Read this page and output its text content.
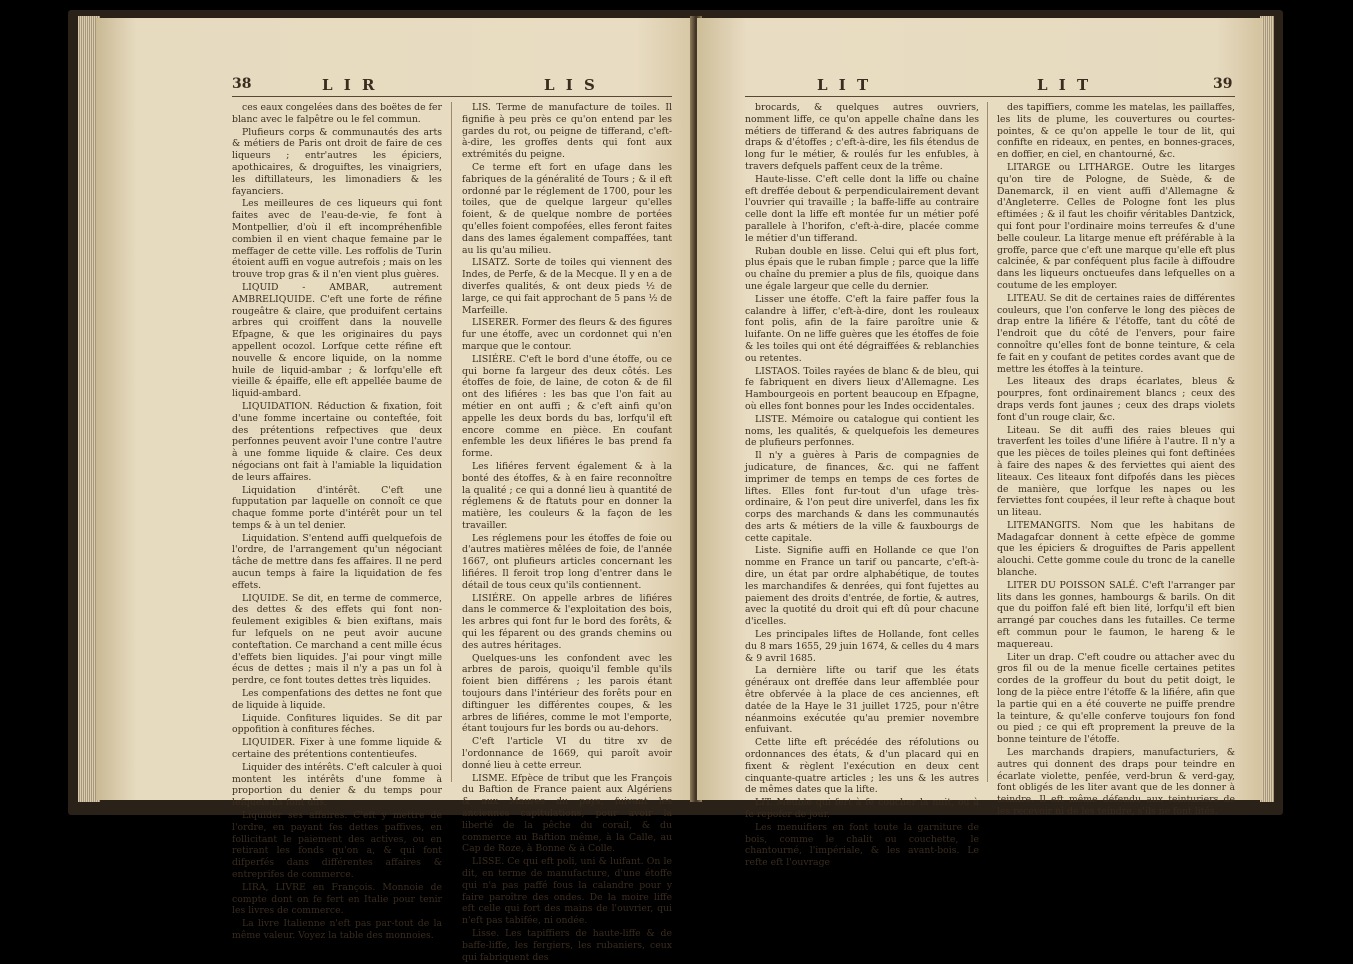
38	L I R	L I S

ces eaux congelées dans des boëtes de fer blanc avec le falpêtre ou le fel commun.

Plufieurs corps & communautés des arts & métiers de Paris ont droit de faire de ces liqueurs ; entr'autres les épiciers, apothicaires, & droguiftes, les vinaigriers, les diftillateurs, les limonadiers & les fayanciers.

Les meilleures de ces liqueurs qui font faites avec de l'eau-de-vie, fe font à Montpellier, d'où il eft incompréhenfible combien il en vient chaque femaine par le meffager de cette ville. Les roffolis de Turin étoient auffi en vogue autrefois ; mais on les trouve trop gras & il n'en vient plus guères.

LIQUID - AMBAR, autrement AMBRELIQUIDE. C'eft une forte de réfine rougeâtre & claire, que produifent certains arbres qui croiffent dans la nouvelle Efpagne, & que les originaires du pays appellent ocozol. Lorfque cette réfine eft nouvelle & encore liquide, on la nomme huile de liquid-ambar ; & lorfqu'elle eft vieille & épaiffe, elle eft appellée baume de liquid-ambard.

LIQUIDATION. Réduction & fixation, foit d'une fomme incertaine ou conteftée, foit des prétentions refpectives que deux perfonnes peuvent avoir l'une contre l'autre à une fomme liquide & claire. Ces deux négocians ont fait à l'amiable la liquidation de leurs affaires.

Liquidation d'intérêt. C'eft une fupputation par laquelle on connoît ce que chaque fomme porte d'intérêt pour un tel temps & à un tel denier.

Liquidation. S'entend auffi quelquefois de l'ordre, de l'arrangement qu'un négociant tâche de mettre dans fes affaires. Il ne perd aucun temps à faire la liquidation de fes effets.

LIQUIDE. Se dit, en terme de commerce, des dettes & des effets qui font non-feulement exigibles & bien exiftans, mais fur lefquels on ne peut avoir aucune conteftation. Ce marchand a cent mille écus d'effets bien liquides. J'ai pour vingt mille écus de dettes ; mais il n'y a pas un fol à perdre, ce font toutes dettes très liquides.

Les compenfations des dettes ne font que de liquide à liquide.

Liquide. Confitures liquides. Se dit par oppofition à confitures féches.

LIQUIDER. Fixer à une fomme liquide & certaine des prétentions contentieufes.

Liquider des intérêts. C'eft calculer à quoi montent les intérêts d'une fomme à proportion du denier & du temps pour lefquels ils font dûs.

Liquider ses affaires. C'eft y mettre de l'ordre, en payant fes dettes paffives, en follicitant le paiement des actives, ou en retirant les fonds qu'on a, & qui font difperfés dans différentes affaires & entreprifes de commerce.

LIRA, LIVRE en François. Monnoie de compte dont on fe fert en Italie pour tenir les livres de commerce.

La livre Italienne n'eft pas par-tout de la même valeur. Voyez la table des monnoies.

LIS. Terme de manufacture de toiles. Il fignifie à peu près ce qu'on entend par les gardes du rot, ou peigne de tifferand, c'eft-à-dire, les groffes dents qui font aux extrémités du peigne.

Ce terme eft fort en ufage dans les fabriques de la généralité de Tours ; & il eft ordonné par le réglement de 1700, pour les toiles, que de quelque largeur qu'elles foient, & de quelque nombre de portées qu'elles foient compofées, elles feront faites dans des lames également compaffées, tant au lis qu'au milieu.

LISATZ. Sorte de toiles qui viennent des Indes, de Perfe, & de la Mecque. Il y en a de diverfes qualités, & ont deux pieds ½ de large, ce qui fait approchant de 5 pans ½ de Marfeille.

LISERER. Former des fleurs & des figures fur une étoffe, avec un cordonnet qui n'en marque que le contour.

LISIÉRE. C'eft le bord d'une étoffe, ou ce qui borne fa largeur des deux côtés. Les étoffes de foie, de laine, de coton & de fil ont des lifiéres : les bas que l'on fait au métier en ont auffi ; & c'eft ainfi qu'on appelle les deux bords du bas, lorfqu'il eft encore comme en pièce. En coufant enfemble les deux lifiéres le bas prend fa forme.

Les lifiéres fervent également & à la bonté des étoffes, & à en faire reconnoître la qualité ; ce qui a donné lieu à quantité de réglemens & de ftatuts pour en donner la matière, les couleurs & la façon de les travailler.

Les réglemens pour les étoffes de foie ou d'autres matières mêlées de foie, de l'année 1667, ont plufieurs articles concernant les lifiéres. Il feroit trop long d'entrer dans le détail de tous ceux qu'ils contiennent.

LISIÉRE. On appelle arbres de lifiéres dans le commerce & l'exploitation des bois, les arbres qui font fur le bord des forêts, & qui les féparent ou des grands chemins ou des autres héritages.

Quelques-uns les confondent avec les arbres de parois, quoiqu'il femble qu'ils foient bien différens ; les parois étant toujours dans l'intérieur des forêts pour en diftinguer les différentes coupes, & les arbres de lifiéres, comme le mot l'emporte, étant toujours fur les bords ou au-dehors.

C'eft l'article VI du titre xv de l'ordonnance de 1669, qui paroît avoir donné lieu à cette erreur.

LISME. Efpèce de tribut que les François du Baftion de France paient aux Algériens & aux Maures du pays, fuivant les anciennes capitulations, pour avoir la liberté de la pêche du corail, & du commerce au Baftion même, à la Calle, au Cap de Roze, à Bonne & à Colle.

LISSE. Ce qui eft poli, uni & luifant. On le dit, en terme de manufacture, d'une étoffe qui n'a pas paffé fous la calandre pour y faire paroître des ondes. De la moire liffe eft celle qui fort des mains de l'ouvrier, qui n'eft pas tabifée, ni ondée.

Lisse. Les tapiffiers de haute-liffe & de baffe-liffe, les fergiers, les rubaniers, ceux qui fabriquent des

L I T	L I T	39

brocards, & quelques autres ouvriers, nomment liffe, ce qu'on appelle chaîne dans les métiers de tifferand & des autres fabriquans de draps & d'étoffes ; c'eft-à-dire, les fils étendus de long fur le métier, & roulés fur les enfubles, à travers defquels paffent ceux de la trême.

Haute-lisse. C'eft celle dont la liffe ou chaîne eft dreffée debout & perpendiculairement devant l'ouvrier qui travaille ; la baffe-liffe au contraire celle dont la liffe eft montée fur un métier pofé parallele à l'horifon, c'eft-à-dire, placée comme le métier d'un tifferand.

Ruban double en lisse. Celui qui eft plus fort, plus épais que le ruban fimple ; parce que la liffe ou chaîne du premier a plus de fils, quoique dans une égale largeur que celle du dernier.

Lisser une étoffe. C'eft la faire paffer fous la calandre à liffer, c'eft-à-dire, dont les rouleaux font polis, afin de la faire paroître unie & luifante. On ne liffe guères que les étoffes de foie & les toiles qui ont été dégraiffées & reblanchies ou retentes.

LISTAOS. Toiles rayées de blanc & de bleu, qui fe fabriquent en divers lieux d'Allemagne. Les Hambourgeois en portent beaucoup en Efpagne, où elles font bonnes pour les Indes occidentales.

LISTE. Mémoire ou catalogue qui contient les noms, les qualités, & quelquefois les demeures de plufieurs perfonnes.

Il n'y a guères à Paris de compagnies de judicature, de finances, &c. qui ne faffent imprimer de temps en temps de ces fortes de liftes. Elles font fur-tout d'un ufage très-ordinaire, & l'on peut dire univerfel, dans les fix corps des marchands & dans les communautés des arts & métiers de la ville & fauxbourgs de cette capitale.

Liste. Signifie auffi en Hollande ce que l'on nomme en France un tarif ou pancarte, c'eft-à-dire, un état par ordre alphabétique, de toutes les marchandifes & denrées, qui font fujettes au paiement des droits d'entrée, de fortie, & autres, avec la quotité du droit qui eft dû pour chacune d'icelles.

Les principales liftes de Hollande, font celles du 8 mars 1655, 29 juin 1674, & celles du 4 mars & 9 avril 1685.

La dernière lifte ou tarif que les états généraux ont dreffée dans leur affemblée pour être obfervée à la place de ces anciennes, eft datée de la Haye le 31 juillet 1725, pour n'être néanmoins exécutée qu'au premier novembre enfuivant.

Cette lifte eft précédée des réfolutions ou ordonnances des états, & d'un placard qui en fixent & règlent l'exécution en deux cent cinquante-quatre articles ; les uns & les autres de mêmes dates que la lifte.

LIT. Meuble qui fert à fe coucher la nuit, ou à fe repofer de jour.

Les menuifiers en font toute la garniture de bois, comme le chalit ou couchette, le chantourné, l'impériale, & les avant-bois. Le refte eft l'ouvrage

des tapiffiers, comme les matelas, les paillaffes, les lits de plume, les couvertures ou courtes-pointes, & ce qu'on appelle le tour de lit, qui confifte en rideaux, en pentes, en bonnes-graces, en doffier, en ciel, en chantourné, &c.

LITARGE ou LITHARGE. Outre les litarges qu'on tire de Pologne, de Suède, & de Danemarck, il en vient auffi d'Allemagne & d'Angleterre. Celles de Pologne font les plus eftimées ; & il faut les choifir véritables Dantzick, qui font pour l'ordinaire moins terreufes & d'une belle couleur. La litarge menue eft préférable à la groffe, parce que c'eft une marque qu'elle eft plus calcinée, & par conféquent plus facile à diffoudre dans les liqueurs onctueufes dans lefquelles on a coutume de les employer.

LITEAU. Se dit de certaines raies de différentes couleurs, que l'on conferve le long des pièces de drap entre la lifiére & l'étoffe, tant du côté de l'endroit que du côté de l'envers, pour faire connoître qu'elles font de bonne teinture, & cela fe fait en y coufant de petites cordes avant que de mettre les étoffes à la teinture.

Les liteaux des draps écarlates, bleus & pourpres, font ordinairement blancs ; ceux des draps verds font jaunes ; ceux des draps violets font d'un rouge clair, &c.

Liteau. Se dit auffi des raies bleues qui traverfent les toiles d'une lifiére à l'autre. Il n'y a que les pièces de toiles pleines qui font deftinées à faire des napes & des ferviettes qui aient des liteaux. Ces liteaux font difpofés dans les pièces de manière, que lorfque les napes ou les ferviettes font coupées, il leur refte à chaque bout un liteau.

LITEMANGITS. Nom que les habitans de Madagafcar donnent à cette efpèce de gomme que les épiciers & droguiftes de Paris appellent alouchi. Cette gomme coule du tronc de la canelle blanche.

LITER DU POISSON SALÉ. C'eft l'arranger par lits dans les gonnes, hambourgs & barils. On dit que du poiffon falé eft bien lité, lorfqu'il eft bien arrangé par couches dans les futailles. Ce terme eft commun pour le faumon, le hareng & le maquereau.

Liter un drap. C'eft coudre ou attacher avec du gros fil ou de la menue ficelle certaines petites cordes de la groffeur du bout du petit doigt, le long de la pièce entre l'étoffe & la lifiére, afin que la partie qui en a été couverte ne puiffe prendre la teinture, & qu'elle conferve toujours fon fond ou pied ; ce qui eft proprement la preuve de la bonne teinture de l'étoffe.

Les marchands drapiers, manufacturiers, & autres qui donnent des draps pour teindre en écarlate violette, penfée, verd-brun & verd-gay, font obligés de les liter avant que de les donner à teindre. Il eft même défendu aux teinturiers de les recevoir ni de les teindre, s'ils ne font lités.
